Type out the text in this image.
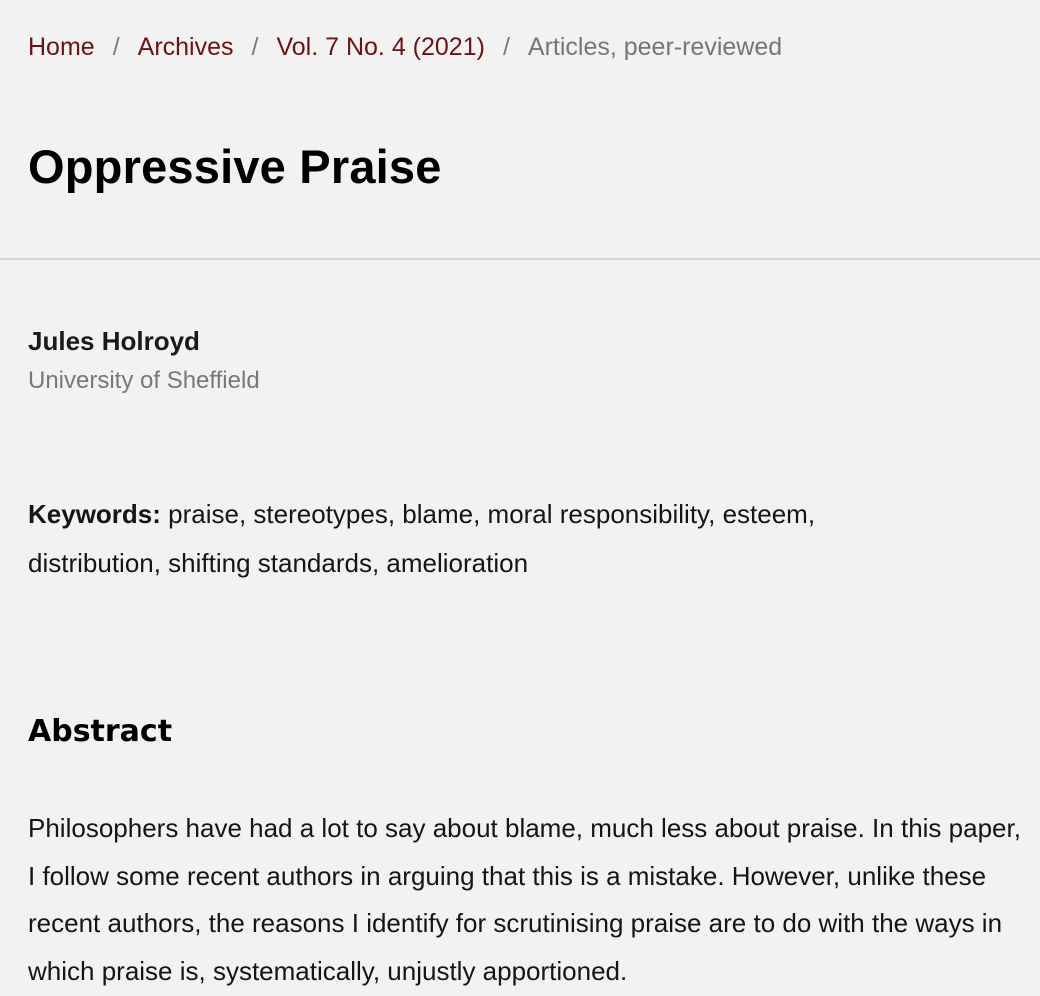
Home / Archives / Vol. 7 No. 4 (2021) / Articles, peer-reviewed
Oppressive Praise
Jules Holroyd
University of Sheffield
Keywords: praise, stereotypes, blame, moral responsibility, esteem,
distribution, shifting standards, amelioration
Abstract

Philosophers have had a lot to say about blame, much less about praise. In this paper, I follow some recent authors in arguing that this is a mistake. However, unlike these recent authors, the reasons I identify for scrutinising praise are to do with the ways in which praise is, systematically, unjustly apportioned.
